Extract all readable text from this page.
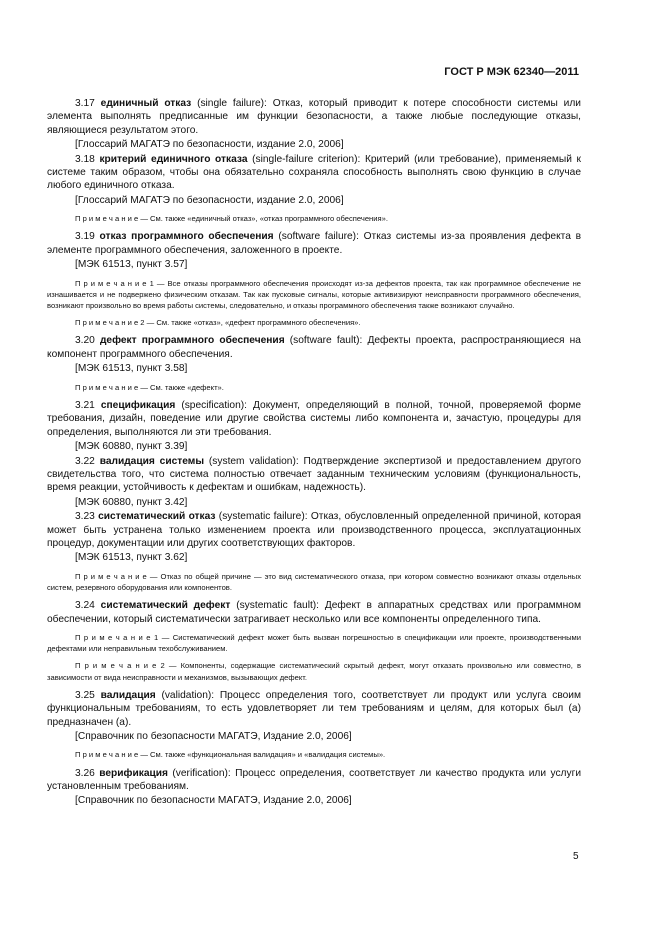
ГОСТ Р МЭК 62340—2011
3.17 единичный отказ (single failure): Отказ, который приводит к потере способности системы или элемента выполнять предписанные им функции безопасности, а также любые последующие отказы, являющиеся результатом этого.
[Глоссарий МАГАТЭ по безопасности, издание 2.0, 2006]
3.18 критерий единичного отказа (single-failure criterion): Критерий (или требование), применяемый к системе таким образом, чтобы она обязательно сохраняла способность выполнять свою функцию в случае любого единичного отказа.
[Глоссарий МАГАТЭ по безопасности, издание 2.0, 2006]
П р и м е ч а н и е — См. также «единичный отказ», «отказ программного обеспечения».
3.19 отказ программного обеспечения (software failure): Отказ системы из-за проявления дефекта в элементе программного обеспечения, заложенного в проекте.
[МЭК 61513, пункт 3.57]
П р и м е ч а н и е 1 — Все отказы программного обеспечения происходят из-за дефектов проекта, так как программное обеспечение не изнашивается и не подвержено физическим отказам. Так как пусковые сигналы, которые активизируют неисправности программного обеспечения, возникают произвольно во время работы системы, следовательно, и отказы программного обеспечения также возникают случайно.
П р и м е ч а н и е 2 — См. также «отказ», «дефект программного обеспечения».
3.20 дефект программного обеспечения (software fault): Дефекты проекта, распространяющиеся на компонент программного обеспечения.
[МЭК 61513, пункт 3.58]
П р и м е ч а н и е — См. также «дефект».
3.21 спецификация (specification): Документ, определяющий в полной, точной, проверяемой форме требования, дизайн, поведение или другие свойства системы либо компонента и, зачастую, процедуры для определения, выполняются ли эти требования.
[МЭК 60880, пункт 3.39]
3.22 валидация системы (system validation): Подтверждение экспертизой и предоставлением другого свидетельства того, что система полностью отвечает заданным техническим условиям (функциональность, время реакции, устойчивость к дефектам и ошибкам, надежность).
[МЭК 60880, пункт 3.42]
3.23 систематический отказ (systematic failure): Отказ, обусловленный определенной причиной, которая может быть устранена только изменением проекта или производственного процесса, эксплуатационных процедур, документации или других соответствующих факторов.
[МЭК 61513, пункт 3.62]
П р и м е ч а н и е — Отказ по общей причине — это вид систематического отказа, при котором совместно возникают отказы отдельных систем, резервного оборудования или компонентов.
3.24 систематический дефект (systematic fault): Дефект в аппаратных средствах или программном обеспечении, который систематически затрагивает несколько или все компоненты определенного типа.
П р и м е ч а н и е 1 — Систематический дефект может быть вызван погрешностью в спецификации или проекте, производственными дефектами или неправильным техобслуживанием.
П р и м е ч а н и е 2 — Компоненты, содержащие систематический скрытый дефект, могут отказать произвольно или совместно, в зависимости от вида неисправности и механизмов, вызывающих дефект.
3.25 валидация (validation): Процесс определения того, соответствует ли продукт или услуга своим функциональным требованиям, то есть удовлетворяет ли тем требованиям и целям, для которых был (а) предназначен (а).
[Справочник по безопасности МАГАТЭ, Издание 2.0, 2006]
П р и м е ч а н и е — См. также «функциональная валидация» и «валидация системы».
3.26 верификация (verification): Процесс определения, соответствует ли качество продукта или услуги установленным требованиям.
[Справочник по безопасности МАГАТЭ, Издание 2.0, 2006]
5
